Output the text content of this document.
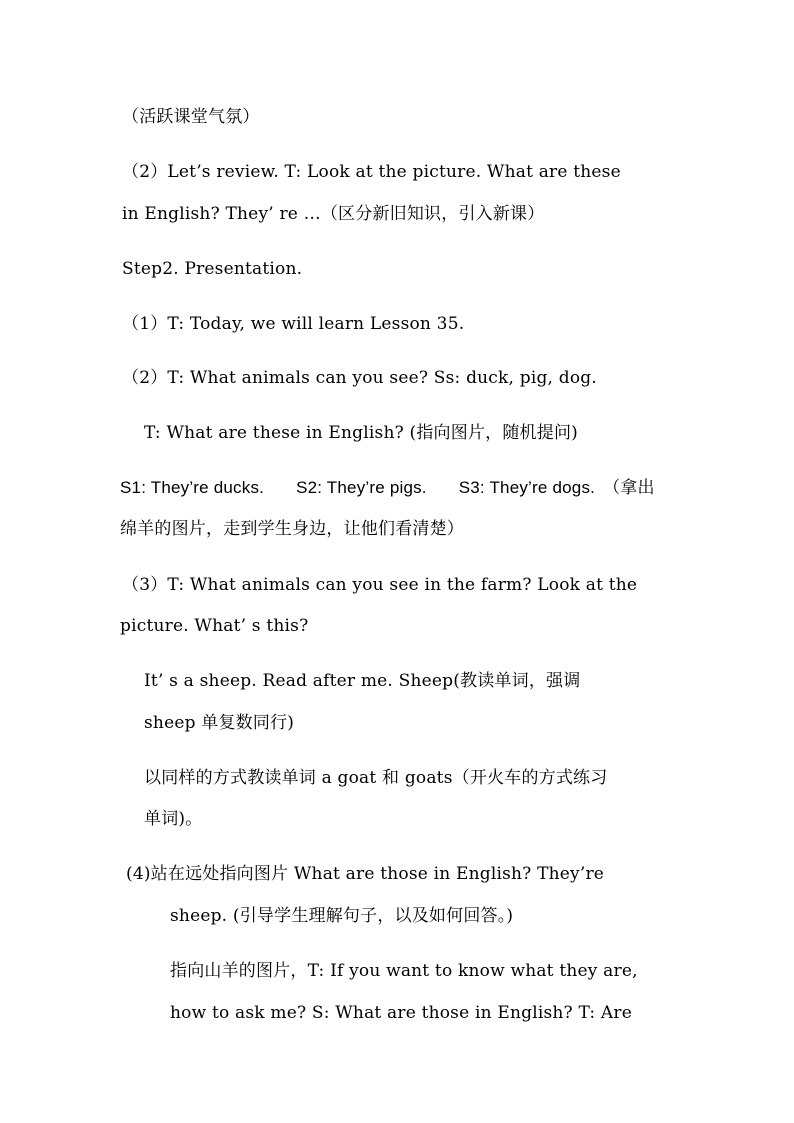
（活跃课堂气氛）
（2）Let’s review. T: Look at the picture. What are these
in English? They’ re …（区分新旧知识，引入新课）
Step2. Presentation.
（1）T: Today, we will learn Lesson 35.
（2）T: What animals can you see? Ss: duck, pig, dog.
T: What are these in English? (指向图片，随机提问)
S1: They’re ducks. S2: They’re pigs. S3: They’re dogs. （拿出
绵羊的图片，走到学生身边，让他们看清楚）
（3）T: What animals can you see in the farm? Look at the
picture. What’ s this?
It’ s a sheep. Read after me. Sheep(教读单词，强调
sheep 单复数同行)
以同样的方式教读单词 a goat 和 goats（开火车的方式练习
单词)。
(4)站在远处指向图片 What are those in English? They’re
sheep. (引导学生理解句子，以及如何回答。)
指向山羊的图片，T: If you want to know what they are,
how to ask me? S: What are those in English? T: Are
